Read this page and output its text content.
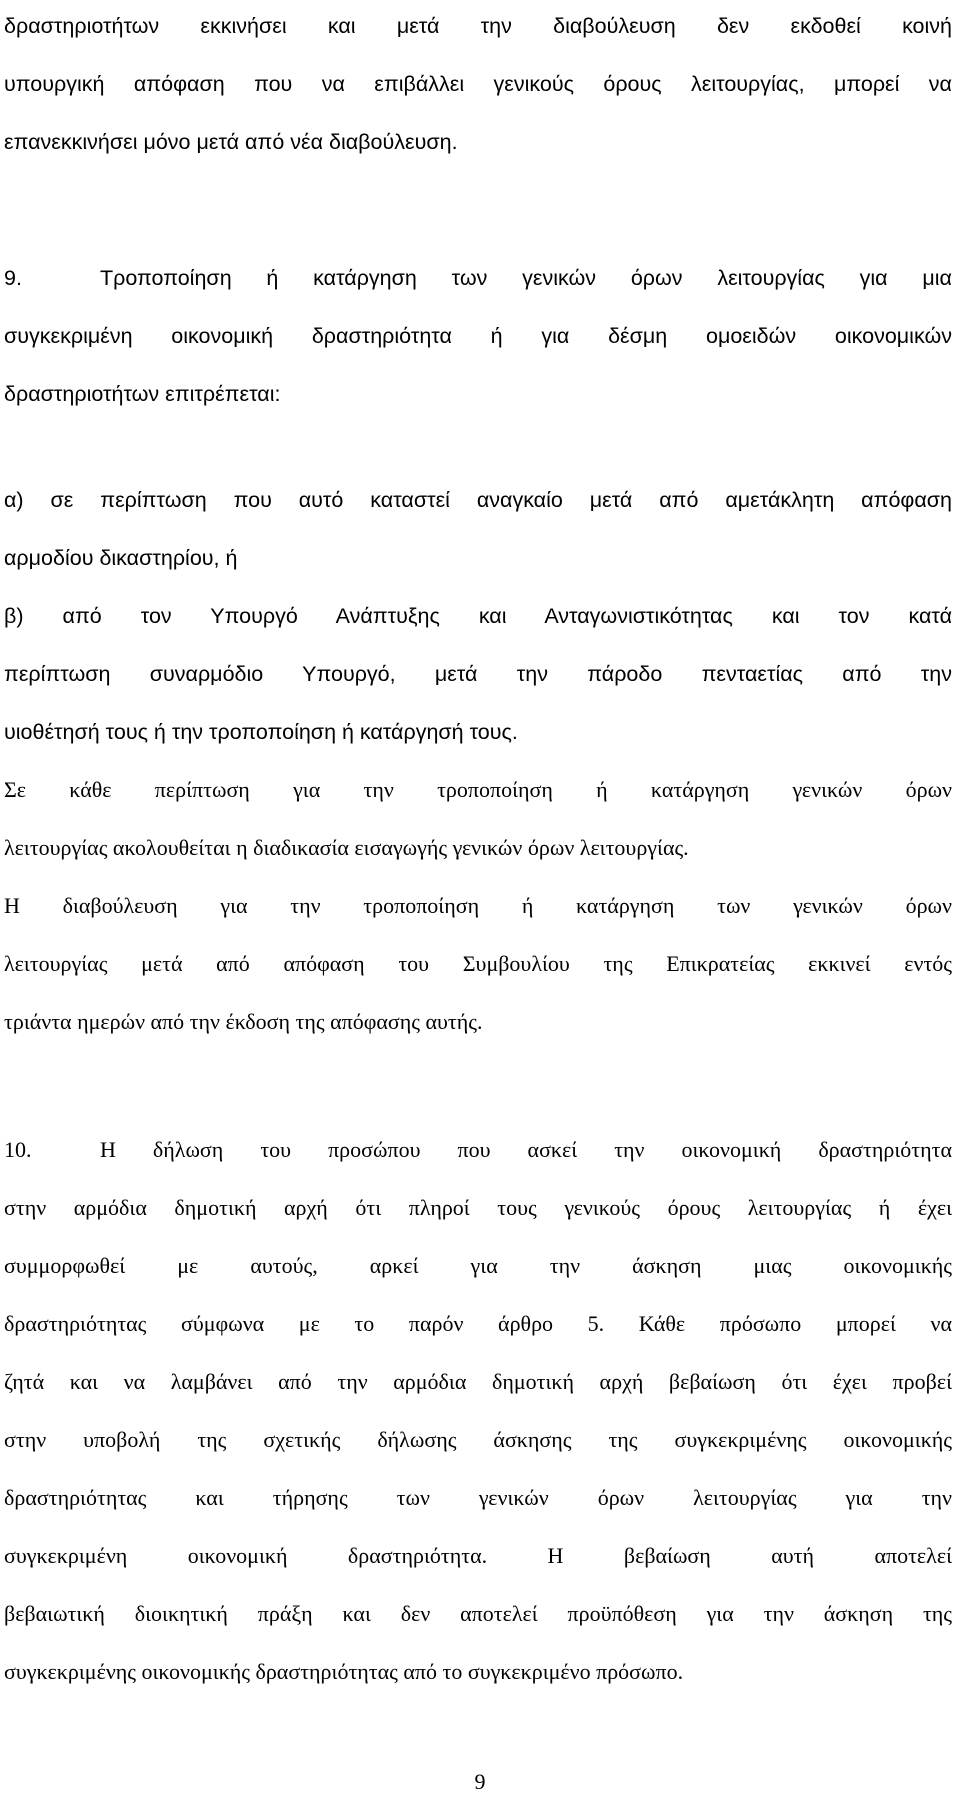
δραστηριοτήτων εκκινήσει και μετά την διαβούλευση δεν εκδοθεί κοινή
υπουργική απόφαση που να επιβάλλει γενικούς όρους λειτουργίας, μπορεί να
επανεκκινήσει μόνο μετά από νέα διαβούλευση.
9.	Τροποποίηση ή κατάργηση των γενικών όρων λειτουργίας για μια
συγκεκριμένη οικονομική δραστηριότητα ή για δέσμη ομοειδών οικονομικών
δραστηριοτήτων επιτρέπεται:
α) σε περίπτωση που αυτό καταστεί αναγκαίο μετά από αμετάκλητη απόφαση
αρμοδίου δικαστηρίου, ή
β) από τον Υπουργό Ανάπτυξης και Ανταγωνιστικότητας και τον κατά
περίπτωση συναρμόδιο Υπουργό, μετά την πάροδο πενταετίας από την
υιοθέτησή τους ή την τροποποίηση ή κατάργησή τους.
Σε κάθε περίπτωση για την τροποποίηση ή κατάργηση γενικών όρων
λειτουργίας ακολουθείται η διαδικασία εισαγωγής γενικών όρων λειτουργίας.
Η διαβούλευση για την τροποποίηση ή κατάργηση των γενικών όρων
λειτουργίας μετά από απόφαση του Συμβουλίου της Επικρατείας εκκινεί εντός
τριάντα ημερών από την έκδοση της απόφασης αυτής.
10.	Η δήλωση του προσώπου που ασκεί την οικονομική δραστηριότητα
στην αρμόδια δημοτική αρχή ότι πληροί τους γενικούς όρους λειτουργίας ή έχει
συμμορφωθεί με αυτούς, αρκεί για την άσκηση μιας οικονομικής
δραστηριότητας σύμφωνα με το παρόν άρθρο 5. Κάθε πρόσωπο μπορεί να
ζητά και να λαμβάνει από την αρμόδια δημοτική αρχή βεβαίωση ότι έχει προβεί
στην υποβολή της σχετικής δήλωσης άσκησης της συγκεκριμένης οικονομικής
δραστηριότητας και τήρησης των γενικών όρων λειτουργίας για την
συγκεκριμένη οικονομική δραστηριότητα. Η βεβαίωση αυτή αποτελεί
βεβαιωτική διοικητική πράξη και δεν αποτελεί προϋπόθεση για την άσκηση της
συγκεκριμένης οικονομικής δραστηριότητας από το συγκεκριμένο πρόσωπο.
9
